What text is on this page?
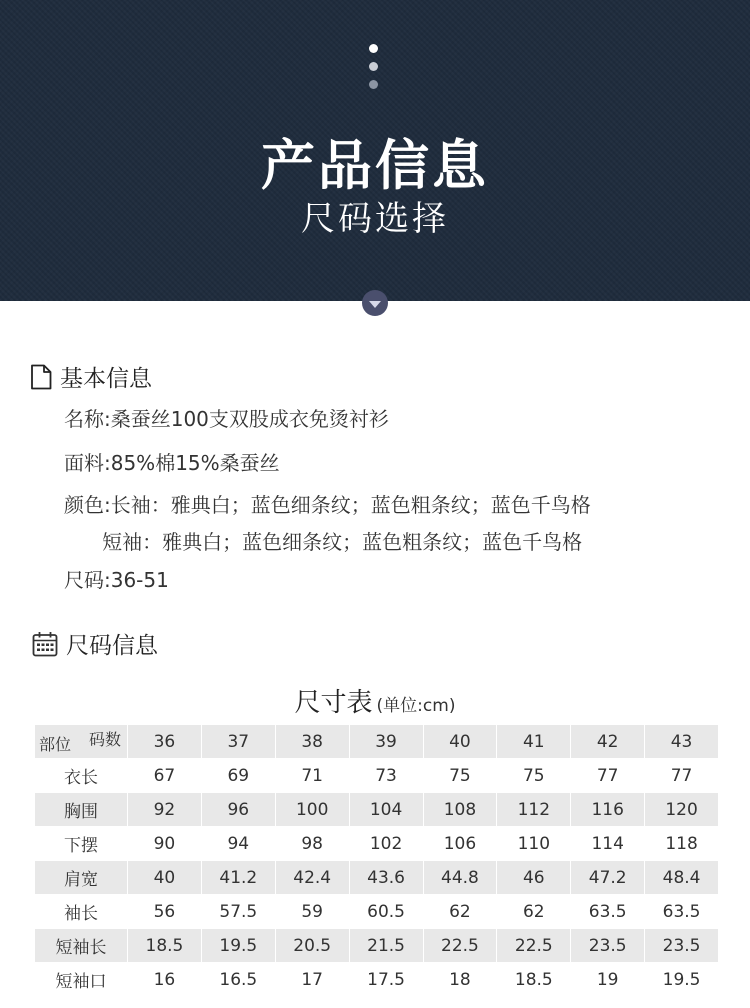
产品信息
尺码选择
基本信息
名称:桑蚕丝100支双股成衣免烫衬衫
面料:85%棉15%桑蚕丝
颜色:长袖：雅典白；蓝色细条纹；蓝色粗条纹；蓝色千鸟格
短袖：雅典白；蓝色细条纹；蓝色粗条纹；蓝色千鸟格
尺码:36-51
尺码信息
尺寸表 (单位:cm)
码数
部位	36	37	38	39	40	41	42	43
衣长	67	69	71	73	75	75	77	77
胸围	92	96	100	104	108	112	116	120
下摆	90	94	98	102	106	110	114	118
肩宽	40	41.2	42.4	43.6	44.8	46	47.2	48.4
袖长	56	57.5	59	60.5	62	62	63.5	63.5
短袖长	18.5	19.5	20.5	21.5	22.5	22.5	23.5	23.5
短袖口	16	16.5	17	17.5	18	18.5	19	19.5
